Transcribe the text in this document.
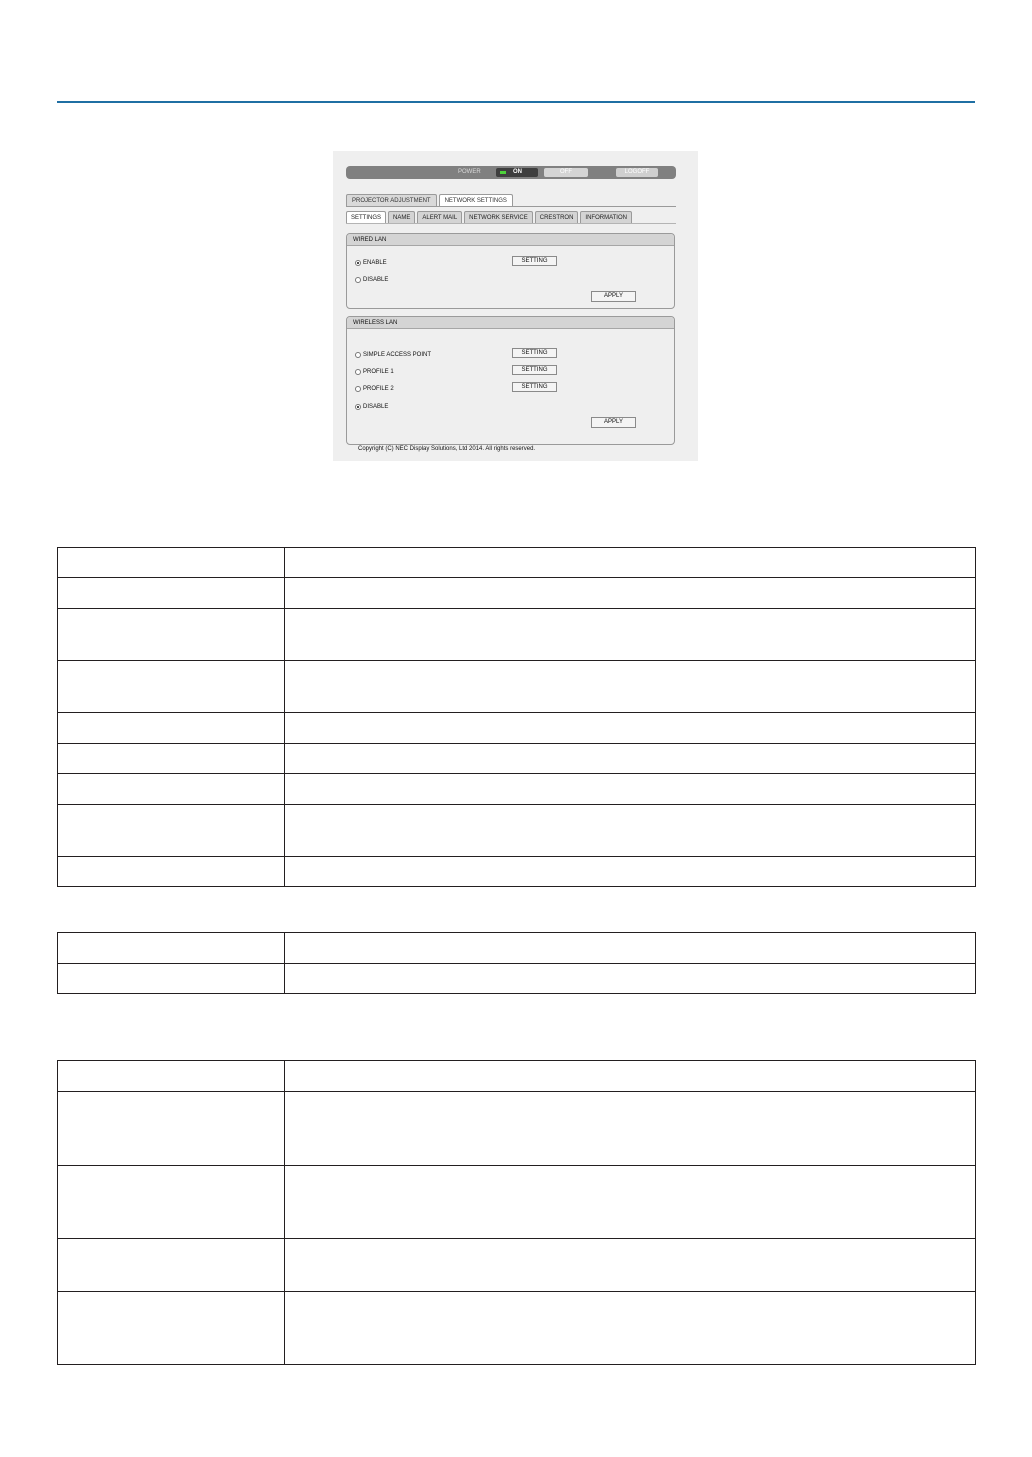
POWER	ON	OFF	LOGOFF
PROJECTOR ADJUSTMENT	NETWORK SETTINGS
SETTINGS	NAME	ALERT MAIL	NETWORK SERVICE	CRESTRON	INFORMATION
WIRED LAN
ENABLE
DISABLE
SETTING
APPLY
WIRELESS LAN
SIMPLE ACCESS POINT
PROFILE 1
PROFILE 2
DISABLE
SETTING
SETTING
SETTING
APPLY
Copyright (C) NEC Display Solutions, Ltd 2014. All rights reserved.
